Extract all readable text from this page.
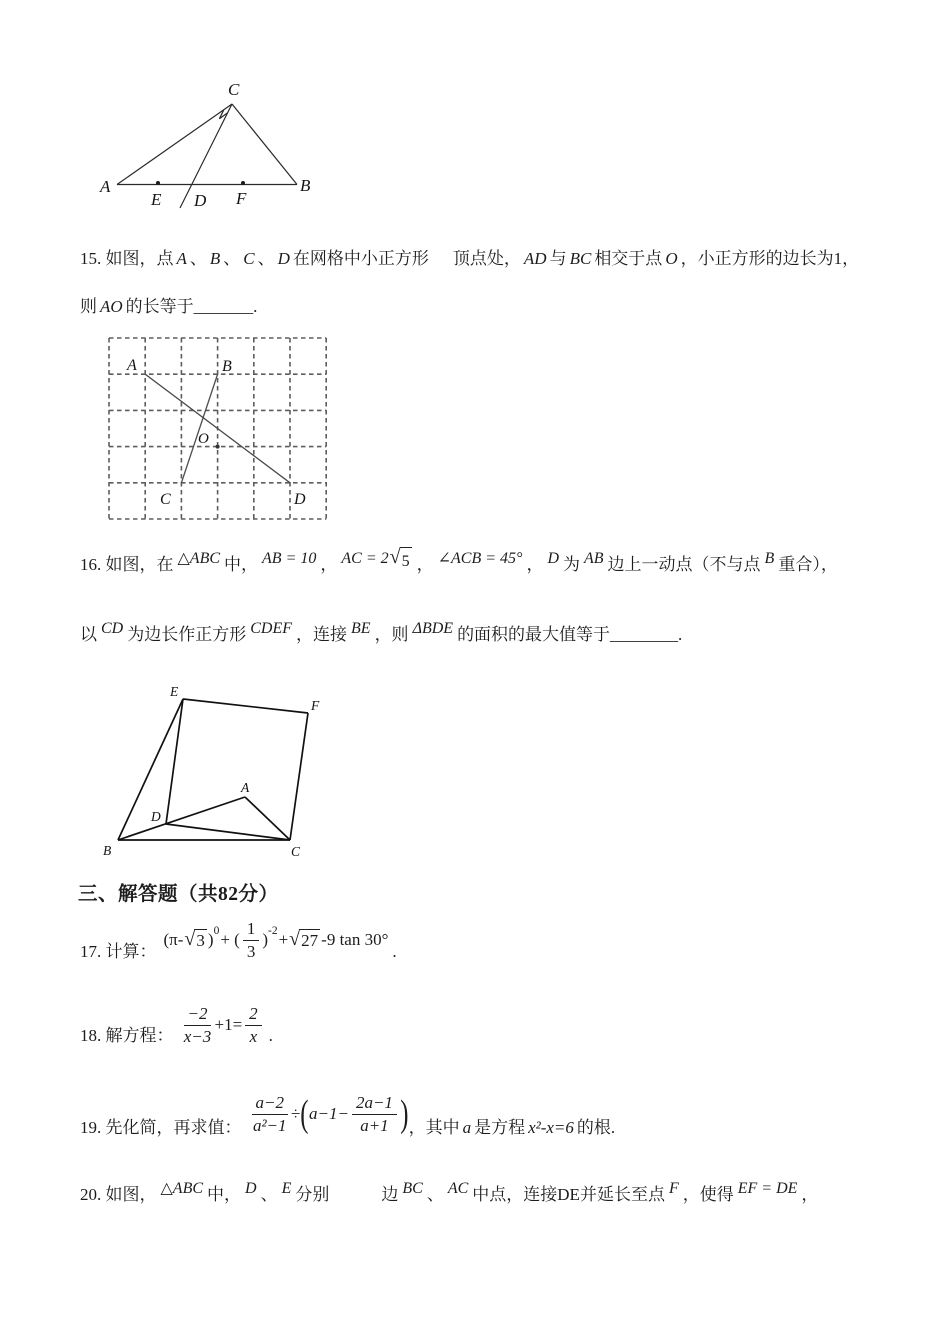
C
A	B
E D F
15. 如图，点 A 、 B 、 C 、 D 在网格中小正方形 顶点处， AD 与 BC 相交于点 O ，小正方形的边长为1，
则 AO 的长等于_______.
A	B
C	D
O
16. 如图，在 △ABC 中， AB = 10 ， AC = 2 √ 5 ， ∠ACB = 45° ， D 为 AB 边上一动点（不与点 B 重合），
以 CD 为边长作正方形 CDEF ，连接 BE ，则 ΔBDE 的面积的最大值等于________.
E
F
A
D
B	C
三、解答题（共82分）
17. 计算：
(π- √ 3 ) 0 + ( $\frac{1}{3}$ ) -2 + √ 27 -9 tan 30°
.
18. 解方程： $\frac{-2}{x-3} +1= \frac{2}{x}$ .
19. 先化简，再求值： $\frac{a-2}{\text{a²−1}}$ ÷ ( $a-1- \frac{2a-1}{a+1}$ ) ，其中 a 是方程 x²-x=6 的根.
20. 如图， △ABC 中， D 、 E 分别	边 BC 、 AC 中点，连接DE并延长至点 F ，使得 EF = DE ，
